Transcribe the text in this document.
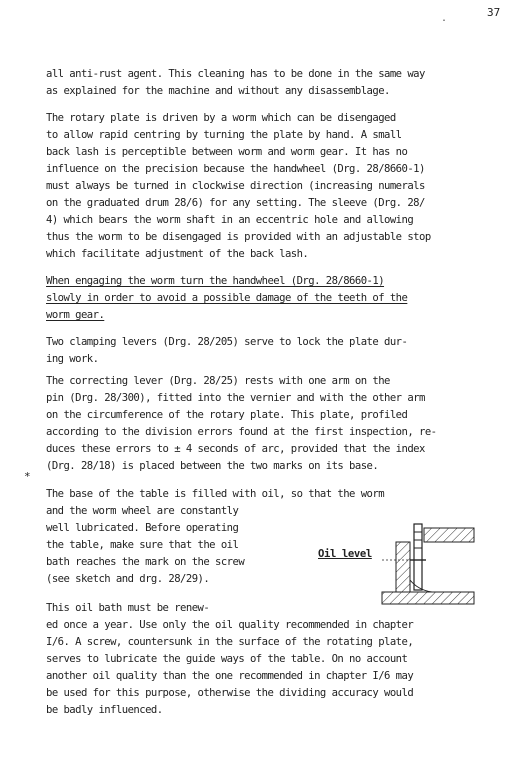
37
.
*
all anti-rust agent. This cleaning has to be done in the same way
as explained for the machine and without any disassemblage.
The rotary plate is driven by a worm which can be disengaged
to allow rapid centring by turning the plate by hand. A small
back lash is perceptible between worm and worm gear. It has no
influence on the precision because the handwheel (Drg. 28/8660-1)
must always be turned in clockwise direction (increasing numerals
on the graduated drum 28/6) for any setting. The sleeve (Drg. 28/
4) which bears the worm shaft in an eccentric hole and allowing
thus the worm to be disengaged is provided with an adjustable stop
which facilitate adjustment of the back lash.
When engaging the worm turn the handwheel (Drg. 28/8660-1)
slowly in order to avoid a possible damage of the teeth of the
worm gear.
Two clamping levers (Drg. 28/205) serve to lock the plate dur-
ing work.
The correcting lever (Drg. 28/25) rests with one arm on the
pin (Drg. 28/300), fitted into the vernier and with the other arm
on the circumference of the rotary plate. This plate, profiled
according to the division errors found at the first inspection, re-
duces these errors to ± 4 seconds of arc, provided that the index
(Drg. 28/18) is placed between the two marks on its base.
The base of the table is filled with oil, so that the worm
and the worm wheel are constantly
well lubricated. Before operating
the table, make sure that the oil
bath reaches the mark on the screw
(see sketch and drg. 28/29).
This oil bath must be renew-
ed once a year. Use only the oil quality recommended in chapter
I/6. A screw, countersunk in the surface of the rotating plate,
serves to lubricate the guide ways of the table. On no account
another oil quality than the one recommended in chapter I/6 may
be used for this purpose, otherwise the dividing accuracy would
be badly influenced.
Oil level
